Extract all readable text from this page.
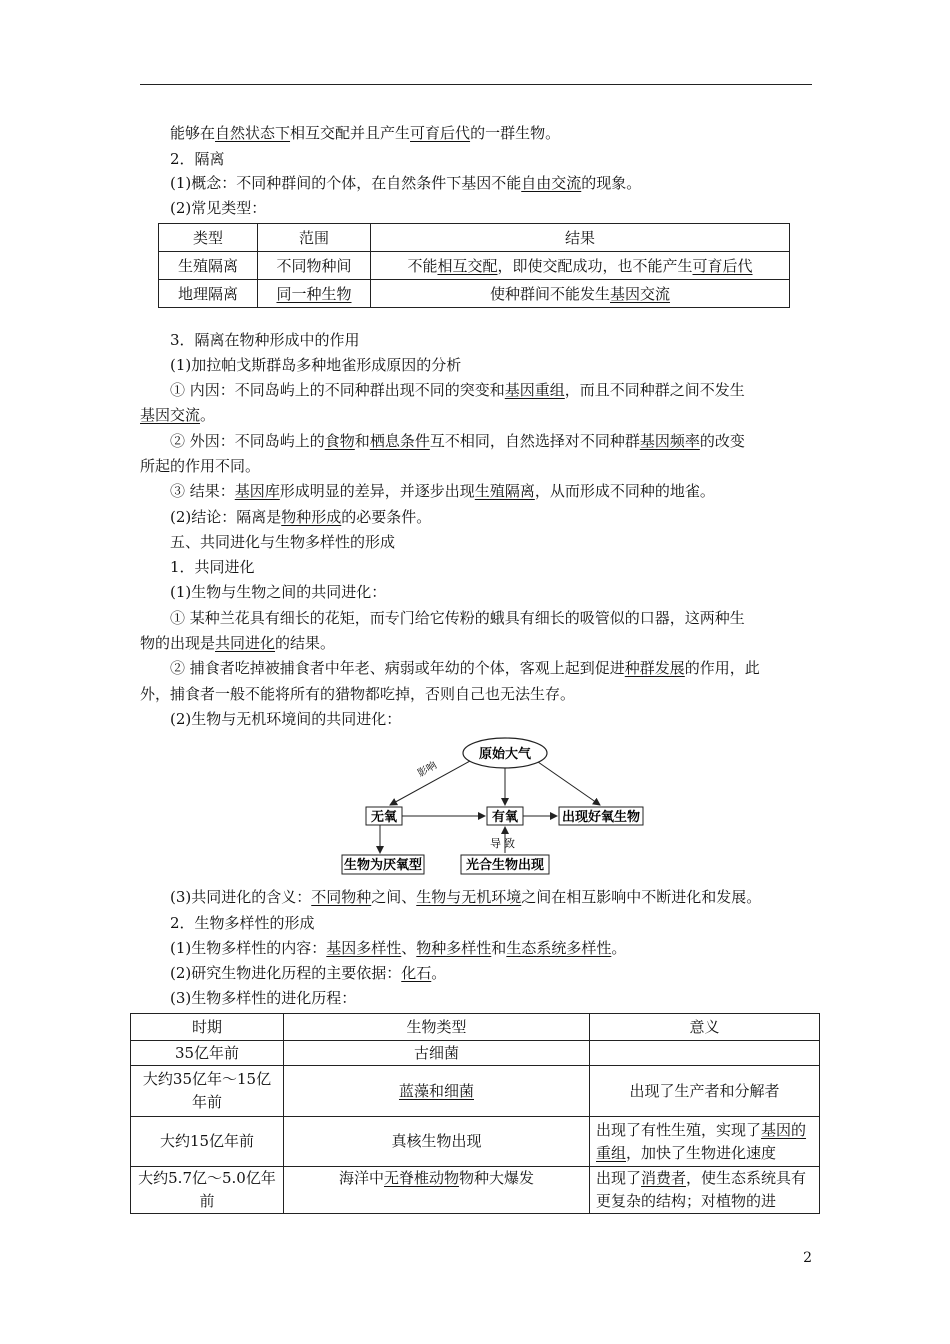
能够在自然状态下相互交配并且产生可育后代的一群生物。
2．隔离
(1)概念：不同种群间的个体，在自然条件下基因不能自由交流的现象。
(2)常见类型：
类型	范围	结果
生殖隔离	不同物种间	不能相互交配，即使交配成功，也不能产生可育后代
地理隔离	同一种生物	使种群间不能发生基因交流
3．隔离在物种形成中的作用
(1)加拉帕戈斯群岛多种地雀形成原因的分析
① 内因：不同岛屿上的不同种群出现不同的突变和基因重组，而且不同种群之间不发生
基因交流。
② 外因：不同岛屿上的食物和栖息条件互不相同，自然选择对不同种群基因频率的改变
所起的作用不同。
③ 结果：基因库形成明显的差异，并逐步出现生殖隔离，从而形成不同种的地雀。
(2)结论：隔离是物种形成的必要条件。
五、共同进化与生物多样性的形成
1．共同进化
(1)生物与生物之间的共同进化：
① 某种兰花具有细长的花矩，而专门给它传粉的蛾具有细长的吸管似的口器，这两种生
物的出现是共同进化的结果。
② 捕食者吃掉被捕食者中年老、病弱或年幼的个体，客观上起到促进种群发展的作用，此
外，捕食者一般不能将所有的猎物都吃掉，否则自己也无法生存。
(2)生物与无机环境间的共同进化：
原始大气
影响
无氧	有氧	出现好氧生物
生物为厌氧型
导 致
光合生物出现
(3)共同进化的含义：不同物种之间、生物与无机环境之间在相互影响中不断进化和发展。
2．生物多样性的形成
(1)生物多样性的内容：基因多样性、物种多样性和生态系统多样性。
(2)研究生物进化历程的主要依据：化石。
(3)生物多样性的进化历程：
时期	生物类型	意义
35亿年前	古细菌	
大约35亿年～15亿年前	蓝藻和细菌	出现了生产者和分解者
大约15亿年前	真核生物出现	出现了有性生殖，实现了基因的重组，加快了生物进化速度
大约5.7亿～5.0亿年前	海洋中无脊椎动物物种大爆发	出现了消费者，使生态系统具有更复杂的结构；对植物的进
2
